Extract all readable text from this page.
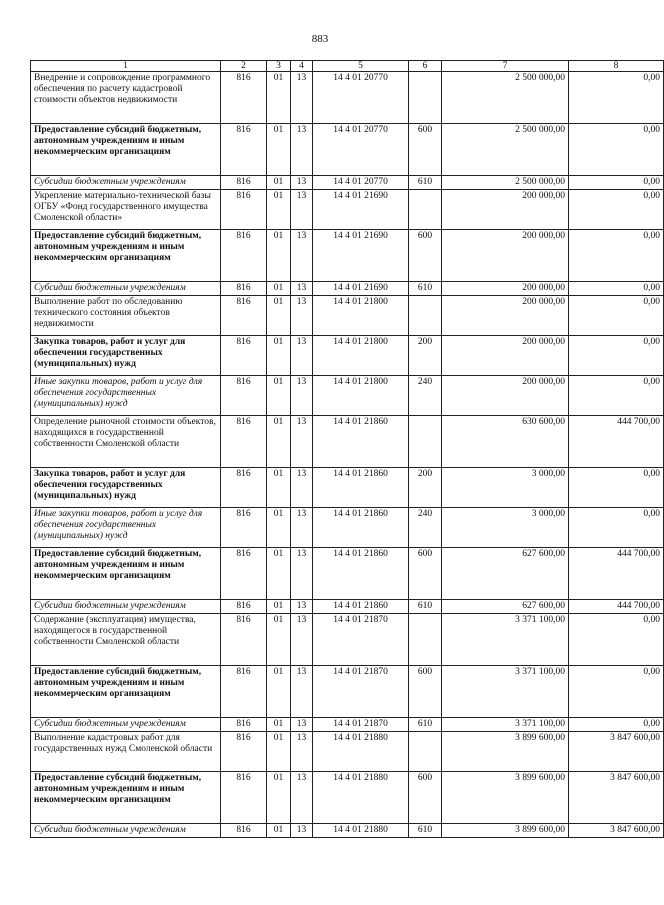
883
1	2	3	4	5	6	7	8
Внедрение и сопровождение программного обеспечения по расчету кадастровой стоимости объектов недвижимости	816	01	13	14 4 01 20770		2 500 000,00	0,00
Предоставление субсидий бюджетным, автономным учреждениям и иным некоммерческим организациям	816	01	13	14 4 01 20770	600	2 500 000,00	0,00
Субсидии бюджетным учреждениям	816	01	13	14 4 01 20770	610	2 500 000,00	0,00
Укрепление материально-технической базы ОГБУ «Фонд государственного имущества Смоленской области»	816	01	13	14 4 01 21690		200 000,00	0,00
Предоставление субсидий бюджетным, автономным учреждениям и иным некоммерческим организациям	816	01	13	14 4 01 21690	600	200 000,00	0,00
Субсидии бюджетным учреждениям	816	01	13	14 4 01 21690	610	200 000,00	0,00
Выполнение работ по обследованию технического состояния объектов недвижимости	816	01	13	14 4 01 21800		200 000,00	0,00
Закупка товаров, работ и услуг для обеспечения государственных (муниципальных) нужд	816	01	13	14 4 01 21800	200	200 000,00	0,00
Иные закупки товаров, работ и услуг для обеспечения государственных (муниципальных) нужд	816	01	13	14 4 01 21800	240	200 000,00	0,00
Определение рыночной стоимости объектов, находящихся в государственной собственности Смоленской области	816	01	13	14 4 01 21860		630 600,00	444 700,00
Закупка товаров, работ и услуг для обеспечения государственных (муниципальных) нужд	816	01	13	14 4 01 21860	200	3 000,00	0,00
Иные закупки товаров, работ и услуг для обеспечения государственных (муниципальных) нужд	816	01	13	14 4 01 21860	240	3 000,00	0,00
Предоставление субсидий бюджетным, автономным учреждениям и иным некоммерческим организациям	816	01	13	14 4 01 21860	600	627 600,00	444 700,00
Субсидии бюджетным учреждениям	816	01	13	14 4 01 21860	610	627 600,00	444 700,00
Содержание (эксплуатация) имущества, находящегося в государственной собственности Смоленской области	816	01	13	14 4 01 21870		3 371 100,00	0,00
Предоставление субсидий бюджетным, автономным учреждениям и иным некоммерческим организациям	816	01	13	14 4 01 21870	600	3 371 100,00	0,00
Субсидии бюджетным учреждениям	816	01	13	14 4 01 21870	610	3 371 100,00	0,00
Выполнение кадастровых работ для государственных нужд Смоленской области	816	01	13	14 4 01 21880		3 899 600,00	3 847 600,00
Предоставление субсидий бюджетным, автономным учреждениям и иным некоммерческим организациям	816	01	13	14 4 01 21880	600	3 899 600,00	3 847 600,00
Субсидии бюджетным учреждениям	816	01	13	14 4 01 21880	610	3 899 600,00	3 847 600,00
